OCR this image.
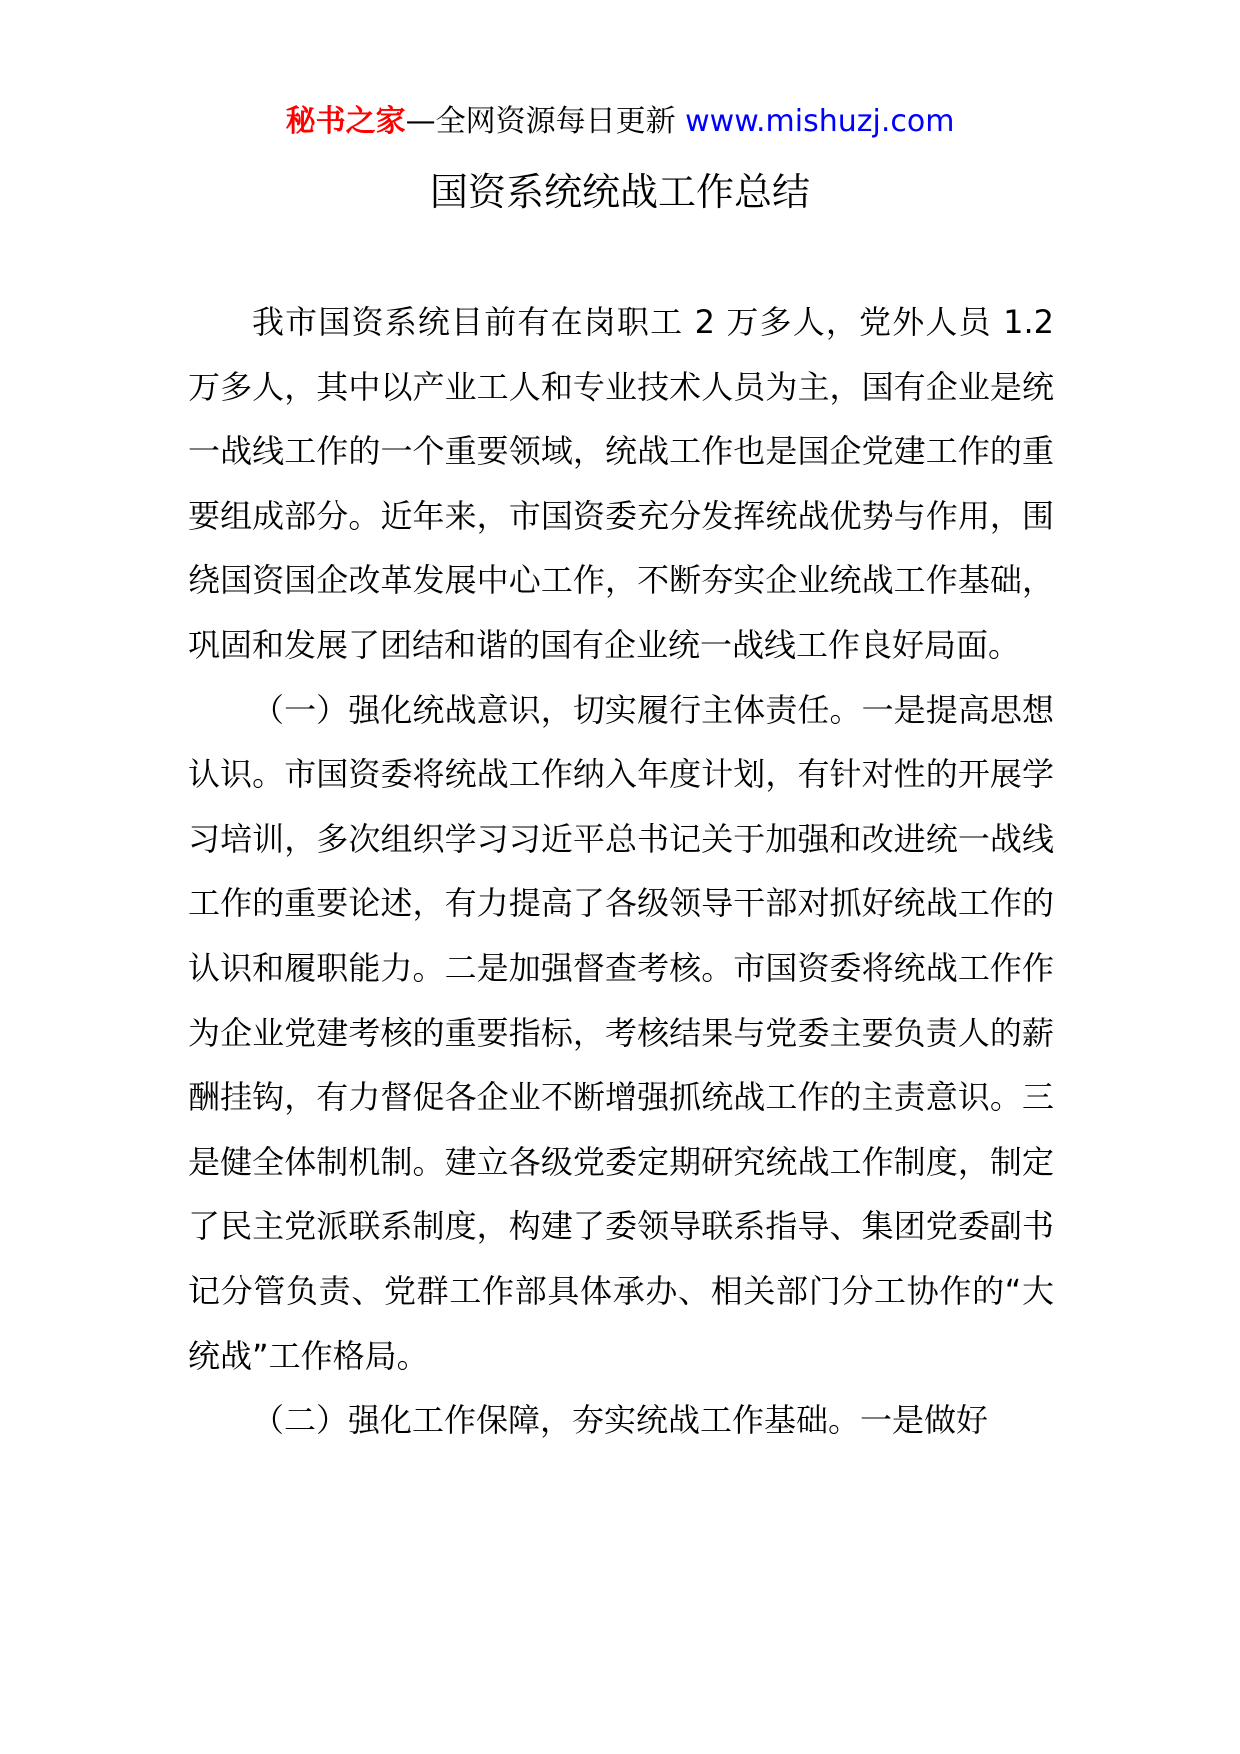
秘书之家—全网资源每日更新 www.mishuzj.com
国资系统统战工作总结

我市国资系统目前有在岗职工 2 万多人，党外人员 1.2 万多人，其中以产业工人和专业技术人员为主，国有企业是统一战线工作的一个重要领域，统战工作也是国企党建工作的重要组成部分。近年来，市国资委充分发挥统战优势与作用，围绕国资国企改革发展中心工作，不断夯实企业统战工作基础，巩固和发展了团结和谐的国有企业统一战线工作良好局面。

（一）强化统战意识，切实履行主体责任。一是提高思想认识。市国资委将统战工作纳入年度计划，有针对性的开展学习培训，多次组织学习习近平总书记关于加强和改进统一战线工作的重要论述，有力提高了各级领导干部对抓好统战工作的认识和履职能力。二是加强督查考核。市国资委将统战工作作为企业党建考核的重要指标，考核结果与党委主要负责人的薪酬挂钩，有力督促各企业不断增强抓统战工作的主责意识。三是健全体制机制。建立各级党委定期研究统战工作制度，制定了民主党派联系制度，构建了委领导联系指导、集团党委副书记分管负责、党群工作部具体承办、相关部门分工协作的“大统战”工作格局。

（二）强化工作保障，夯实统战工作基础。一是做好
